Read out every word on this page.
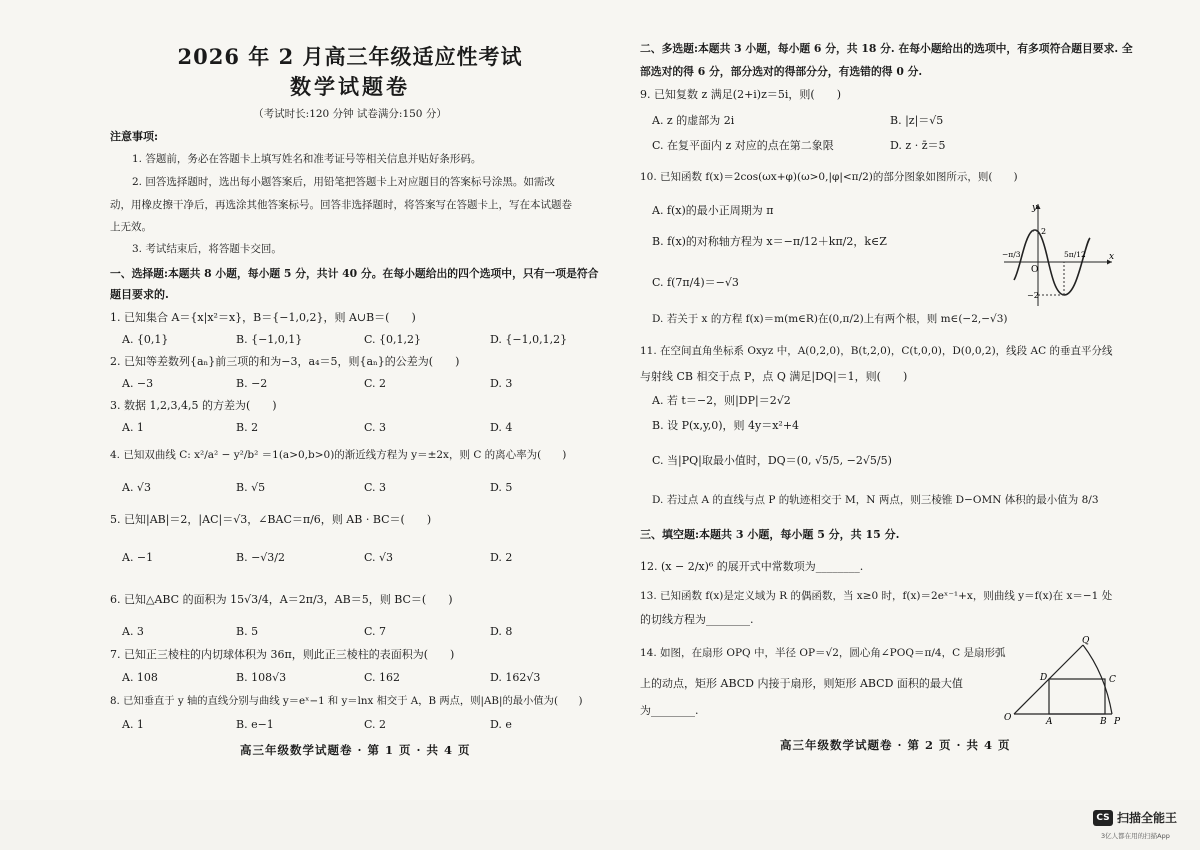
2026 年 2 月高三年级适应性考试
数学试题卷
（考试时长:120 分钟 试卷满分:150 分）
注意事项:
1. 答题前，务必在答题卡上填写姓名和准考证号等相关信息并贴好条形码。
2. 回答选择题时，选出每小题答案后，用铅笔把答题卡上对应题目的答案标号涂黑。如需改
动，用橡皮擦干净后，再选涂其他答案标号。回答非选择题时，将答案写在答题卡上，写在本试题卷
上无效。
3. 考试结束后，将答题卡交回。
一、选择题:本题共 8 小题，每小题 5 分，共计 40 分。在每小题给出的四个选项中，只有一项是符合
题目要求的.
1. 已知集合 A＝{x|x²＝x}，B＝{−1,0,2}，则 A∪B＝(　　)
A. {0,1}	B. {−1,0,1}	C. {0,1,2}	D. {−1,0,1,2}
2. 已知等差数列{aₙ}前三项的和为−3，a₄＝5，则{aₙ}的公差为(　　)
A. −3	B. −2	C. 2	D. 3
3. 数据 1,2,3,4,5 的方差为(　　)
A. 1	B. 2	C. 3	D. 4
4. 已知双曲线 C: x²/a² − y²/b² ＝1(a>0,b>0)的渐近线方程为 y＝±2x，则 C 的离心率为(　　)
A. √3	B. √5	C. 3	D. 5
5. 已知|AB|＝2，|AC|＝√3，∠BAC＝π/6，则 AB · BC＝(　　)
A. −1	B. −√3/2	C. √3	D. 2
6. 已知△ABC 的面积为 15√3/4，A＝2π/3，AB＝5，则 BC＝(　　)
A. 3	B. 5	C. 7	D. 8
7. 已知正三棱柱的内切球体积为 36π，则此正三棱柱的表面积为(　　)
A. 108	B. 108√3	C. 162	D. 162√3
8. 已知垂直于 y 轴的直线分别与曲线 y＝eˣ−1 和 y＝lnx 相交于 A，B 两点，则|AB|的最小值为(　　)
A. 1	B. e−1	C. 2	D. e
高三年级数学试题卷 · 第 1 页 · 共 4 页
二、多选题:本题共 3 小题，每小题 6 分，共 18 分. 在每小题给出的选项中，有多项符合题目要求. 全
部选对的得 6 分，部分选对的得部分分，有选错的得 0 分.
9. 已知复数 z 满足(2+i)z＝5i，则(　　)
A. z 的虚部为 2i	B. |z|＝√5
C. 在复平面内 z 对应的点在第二象限	D. z · z̄＝5
10. 已知函数 f(x)＝2cos(ωx+φ)(ω>0,|φ|<π/2)的部分图象如图所示，则(　　)
A. f(x)的最小正周期为 π
B. f(x)的对称轴方程为 x＝−π/12＋kπ/2，k∈Z
C. f(7π/4)＝−√3
D. 若关于 x 的方程 f(x)＝m(m∈R)在(0,π/2)上有两个根，则 m∈(−2,−√3)
y
x
O
−π/3	5π/12
2
−2
11. 在空间直角坐标系 Oxyz 中，A(0,2,0)，B(t,2,0)，C(t,0,0)，D(0,0,2)，线段 AC 的垂直平分线
与射线 CB 相交于点 P，点 Q 满足|DQ|＝1，则(　　)
A. 若 t＝−2，则|DP|＝2√2
B. 设 P(x,y,0)，则 4y＝x²+4
C. 当|PQ|取最小值时，DQ＝(0, √5/5, −2√5/5)
D. 若过点 A 的直线与点 P 的轨迹相交于 M，N 两点，则三棱锥 D−OMN 体积的最小值为 8/3
三、填空题:本题共 3 小题，每小题 5 分，共 15 分.
12. (x − 2/x)⁶ 的展开式中常数项为________.
13. 已知函数 f(x)是定义域为 R 的偶函数，当 x≥0 时，f(x)＝2eˣ⁻¹+x，则曲线 y＝f(x)在 x＝−1 处
的切线方程为________.
14. 如图，在扇形 OPQ 中，半径 OP＝√2，圆心角∠POQ＝π/4，C 是扇形弧
上的动点，矩形 ABCD 内接于扇形，则矩形 ABCD 面积的最大值
为________.
O	A	B P
C
D
Q
高三年级数学试题卷 · 第 2 页 · 共 4 页
CS 扫描全能王
3亿人都在用的扫描App
